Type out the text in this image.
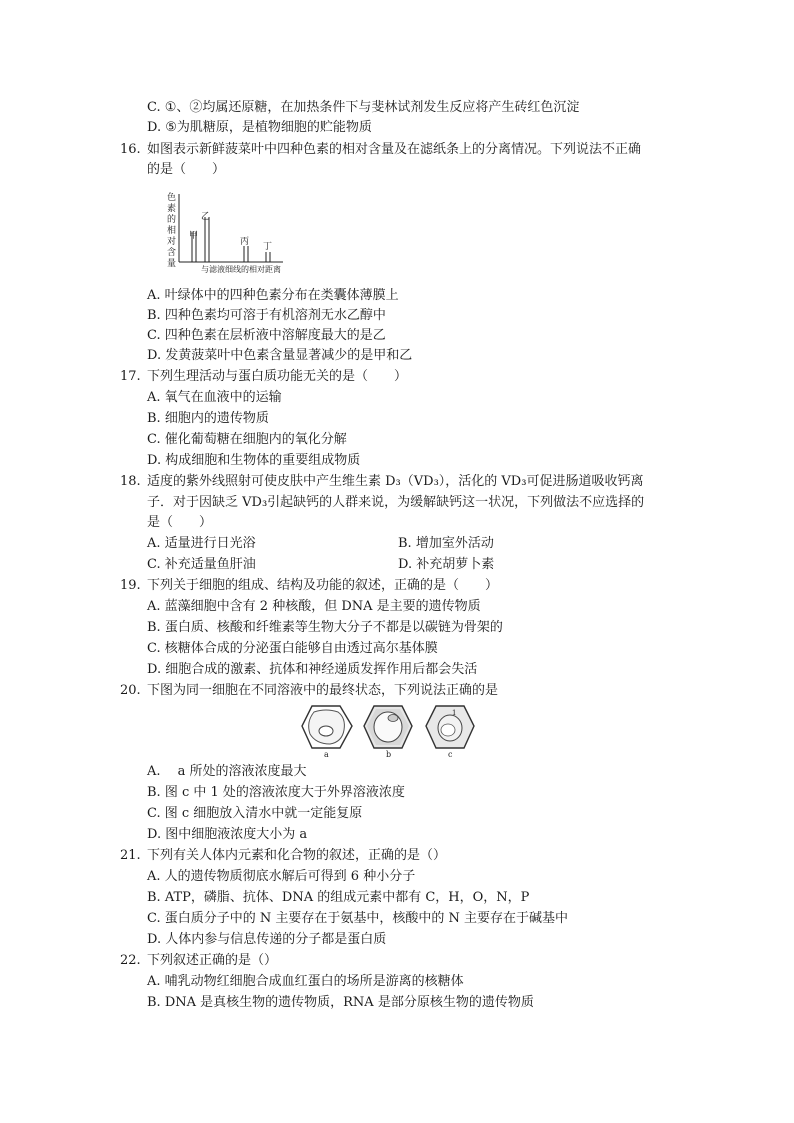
C. ①、②均属还原糖，在加热条件下与斐林试剂发生反应将产生砖红色沉淀
D. ⑤为肌糖原，是植物细胞的贮能物质
16. 如图表示新鲜菠菜叶中四种色素的相对含量及在滤纸条上的分离情况。下列说法不正确
的是（　　）
色
素
的
相
对
含
量
甲
乙
丙 丁
与滤液细线的相对距离
A. 叶绿体中的四种色素分布在类囊体薄膜上
B. 四种色素均可溶于有机溶剂无水乙醇中
C. 四种色素在层析液中溶解度最大的是乙
D. 发黄菠菜叶中色素含量显著减少的是甲和乙
17. 下列生理活动与蛋白质功能无关的是（　　）
A. 氧气在血液中的运输
B. 细胞内的遗传物质
C. 催化葡萄糖在细胞内的氧化分解
D. 构成细胞和生物体的重要组成物质
18. 适度的紫外线照射可使皮肤中产生维生素 D₃（VD₃），活化的 VD₃可促进肠道吸收钙离
子．对于因缺乏 VD₃引起缺钙的人群来说，为缓解缺钙这一状况，下列做法不应选择的
是（　　）
A. 适量进行日光浴	B. 增加室外活动
C. 补充适量鱼肝油	D. 补充胡萝卜素
19. 下列关于细胞的组成、结构及功能的叙述，正确的是（　　）
A. 蓝藻细胞中含有 2 种核酸，但 DNA 是主要的遗传物质
B. 蛋白质、核酸和纤维素等生物大分子不都是以碳链为骨架的
C. 核糖体合成的分泌蛋白能够自由透过高尔基体膜
D. 细胞合成的激素、抗体和神经递质发挥作用后都会失活
20. 下图为同一细胞在不同溶液中的最终状态，下列说法正确的是
a	b
1
c
A.　 a 所处的溶液浓度最大
B. 图 c 中 1 处的溶液浓度大于外界溶液浓度
C. 图 c 细胞放入清水中就一定能复原
D. 图中细胞液浓度大小为 a
21. 下列有关人体内元素和化合物的叙述，正确的是（）
A. 人的遗传物质彻底水解后可得到 6 种小分子
B. ATP，磷脂、抗体、DNA 的组成元素中都有 C，H，O，N，P
C. 蛋白质分子中的 N 主要存在于氨基中，核酸中的 N 主要存在于碱基中
D. 人体内参与信息传递的分子都是蛋白质
22. 下列叙述正确的是（）
A. 哺乳动物红细胞合成血红蛋白的场所是游离的核糖体
B. DNA 是真核生物的遗传物质，RNA 是部分原核生物的遗传物质
